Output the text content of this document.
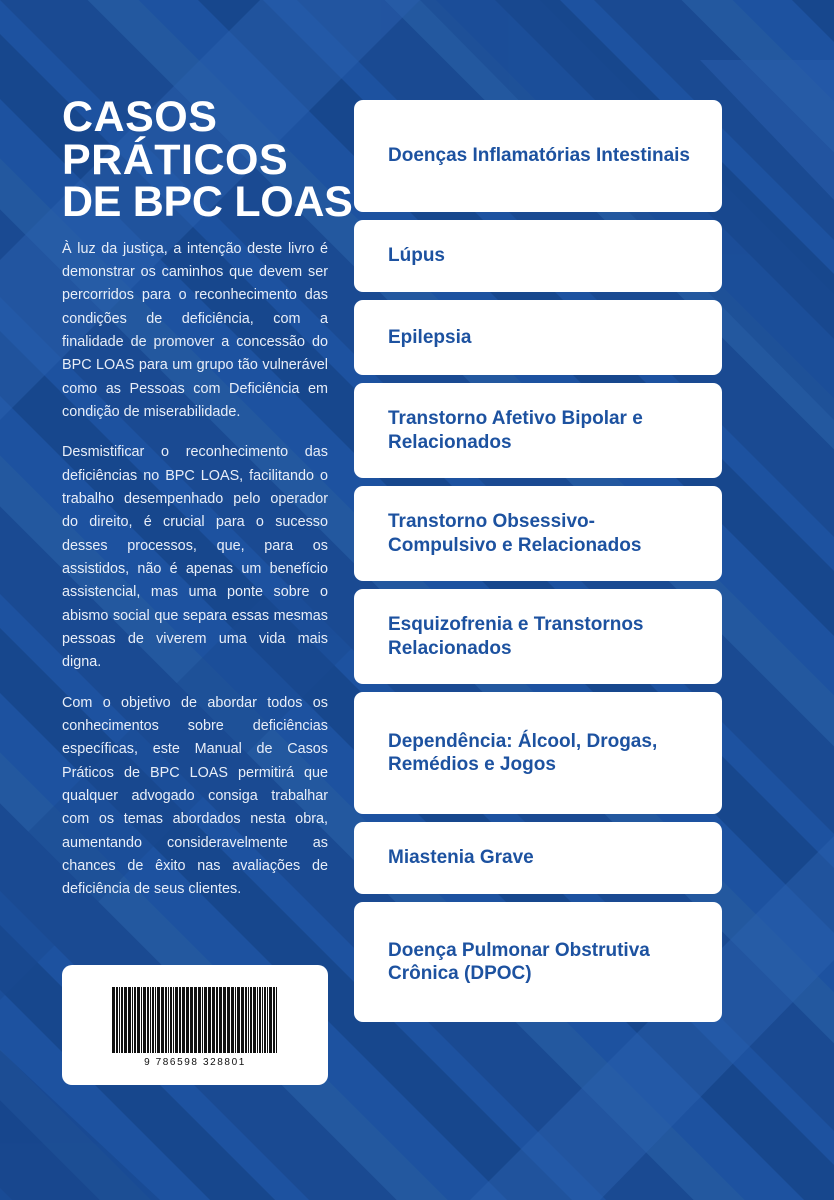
CASOS
PRÁTICOS
DE BPC LOAS

À luz da justiça, a intenção deste livro é demonstrar os caminhos que devem ser percorridos para o reconhecimento das condições de deficiência, com a finalidade de promover a concessão do BPC LOAS para um grupo tão vulnerável como as Pessoas com Deficiência em condição de miserabilidade.

Desmistificar o reconhecimento das deficiências no BPC LOAS, facilitando o trabalho desempenhado pelo operador do direito, é crucial para o sucesso desses processos, que, para os assistidos, não é apenas um benefício assistencial, mas uma ponte sobre o abismo social que separa essas mesmas pessoas de viverem uma vida mais digna.

Com o objetivo de abordar todos os conhecimentos sobre deficiências específicas, este Manual de Casos Práticos de BPC LOAS permitirá que qualquer advogado consiga trabalhar com os temas abordados nesta obra, aumentando consideravelmente as chances de êxito nas avaliações de deficiência de seus clientes.

9 786598 328801
Doenças Inflamatórias Intestinais
Lúpus
Epilepsia
Transtorno Afetivo Bipolar e Relacionados
Transtorno Obsessivo-Compulsivo e Relacionados
Esquizofrenia e Transtornos Relacionados
Dependência: Álcool, Drogas, Remédios e Jogos
Miastenia Grave
Doença Pulmonar Obstrutiva Crônica (DPOC)
